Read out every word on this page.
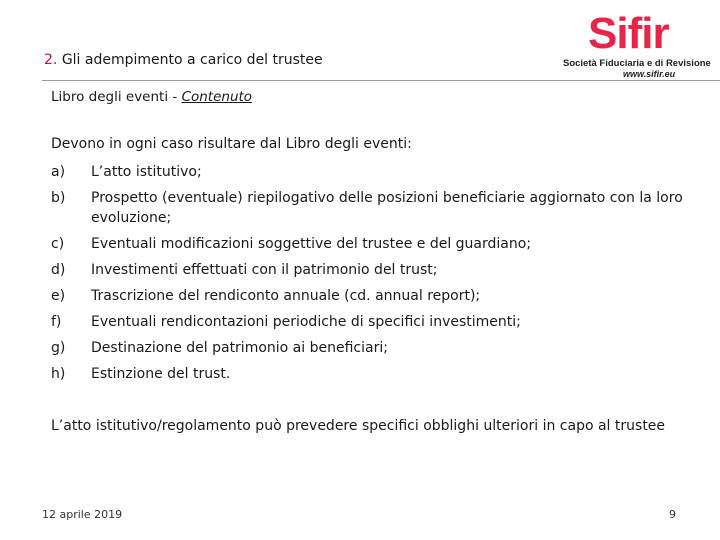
2. Gli adempimento a carico del trustee
Sifir
Società Fiduciaria e di Revisione
www.sifir.eu
Libro degli eventi - Contenuto
Devono in ogni caso risultare dal Libro degli eventi:
a)	L’atto istitutivo;
b)	Prospetto (eventuale) riepilogativo delle posizioni beneficiarie aggiornato con la loro evoluzione;
c)	Eventuali modificazioni soggettive del trustee e del guardiano;
d)	Investimenti effettuati con il patrimonio del trust;
e)	Trascrizione del rendiconto annuale (cd. annual report);
f)	Eventuali rendicontazioni periodiche di specifici investimenti;
g)	Destinazione del patrimonio ai beneficiari;
h)	Estinzione del trust.
L’atto istitutivo/regolamento può prevedere specifici obblighi ulteriori in capo al trustee
12 aprile 2019	9
